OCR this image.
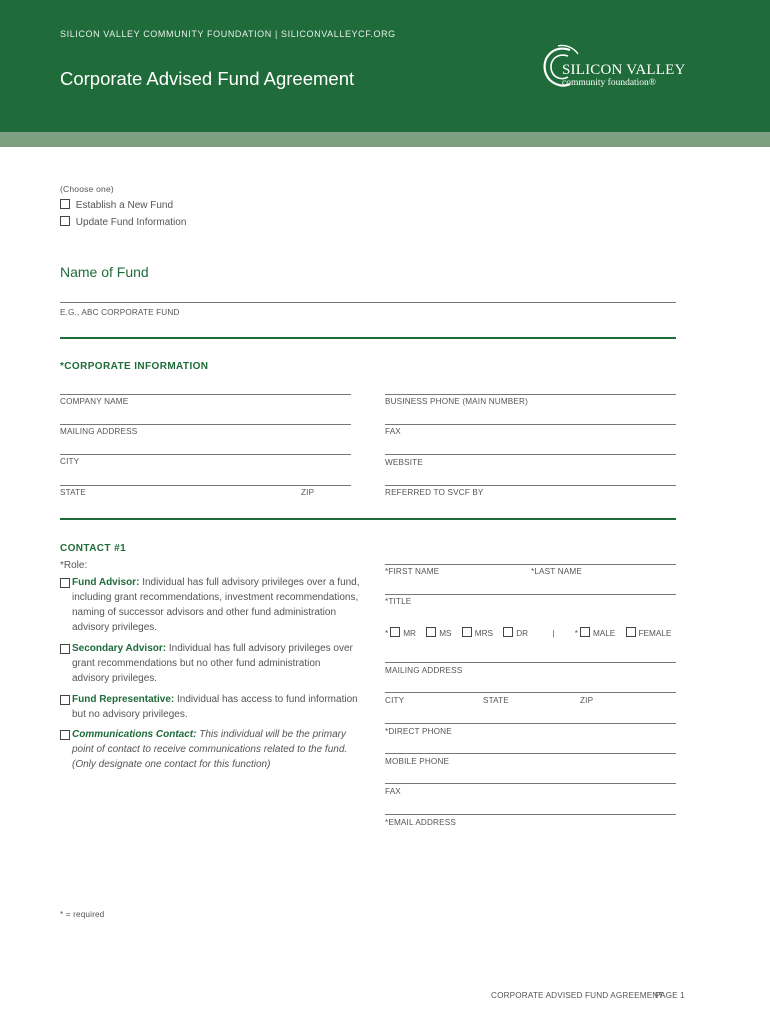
SILICON VALLEY COMMUNITY FOUNDATION | SILICONVALLEYCF.ORG
Corporate Advised Fund Agreement	SILICON VALLEY
community foundation®
(Choose one)
Establish a New Fund
Update Fund Information
Name of Fund
E.G., ABC CORPORATE FUND
*CORPORATE INFORMATION
COMPANY NAME
MAILING ADDRESS
CITY
STATE	ZIP
BUSINESS PHONE (MAIN NUMBER)
FAX
WEBSITE
REFERRED TO SVCF BY
CONTACT #1
*Role:
Fund Advisor: Individual has full advisory privileges over a fund, including grant recommendations, investment recommendations, naming of successor advisors and other fund administration advisory privileges.
Secondary Advisor: Individual has full advisory privileges over grant recommendations but no other fund administration advisory privileges.
Fund Representative: Individual has access to fund information but no advisory privileges.
Communications Contact: This individual will be the primary point of contact to receive communications related to the fund. (Only designate one contact for this function)
*FIRST NAME	*LAST NAME
*TITLE
* MR	MS	MRS	DR	| * MALE	FEMALE
MAILING ADDRESS
CITY	STATE	ZIP
*DIRECT PHONE
MOBILE PHONE
FAX
*EMAIL ADDRESS
* = required
CORPORATE ADVISED FUND AGREEMENT
PAGE 1
